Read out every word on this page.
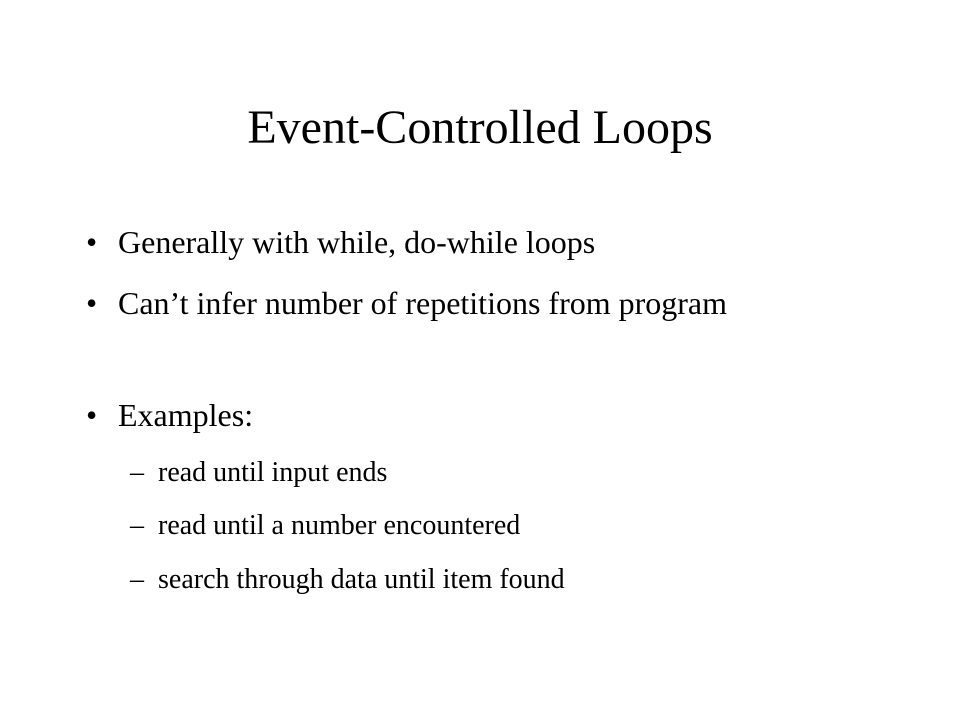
Event-Controlled Loops
• Generally with while, do-while loops
• Can’t infer number of repetitions from program
• Examples:
– read until input ends
– read until a number encountered
– search through data until item found
